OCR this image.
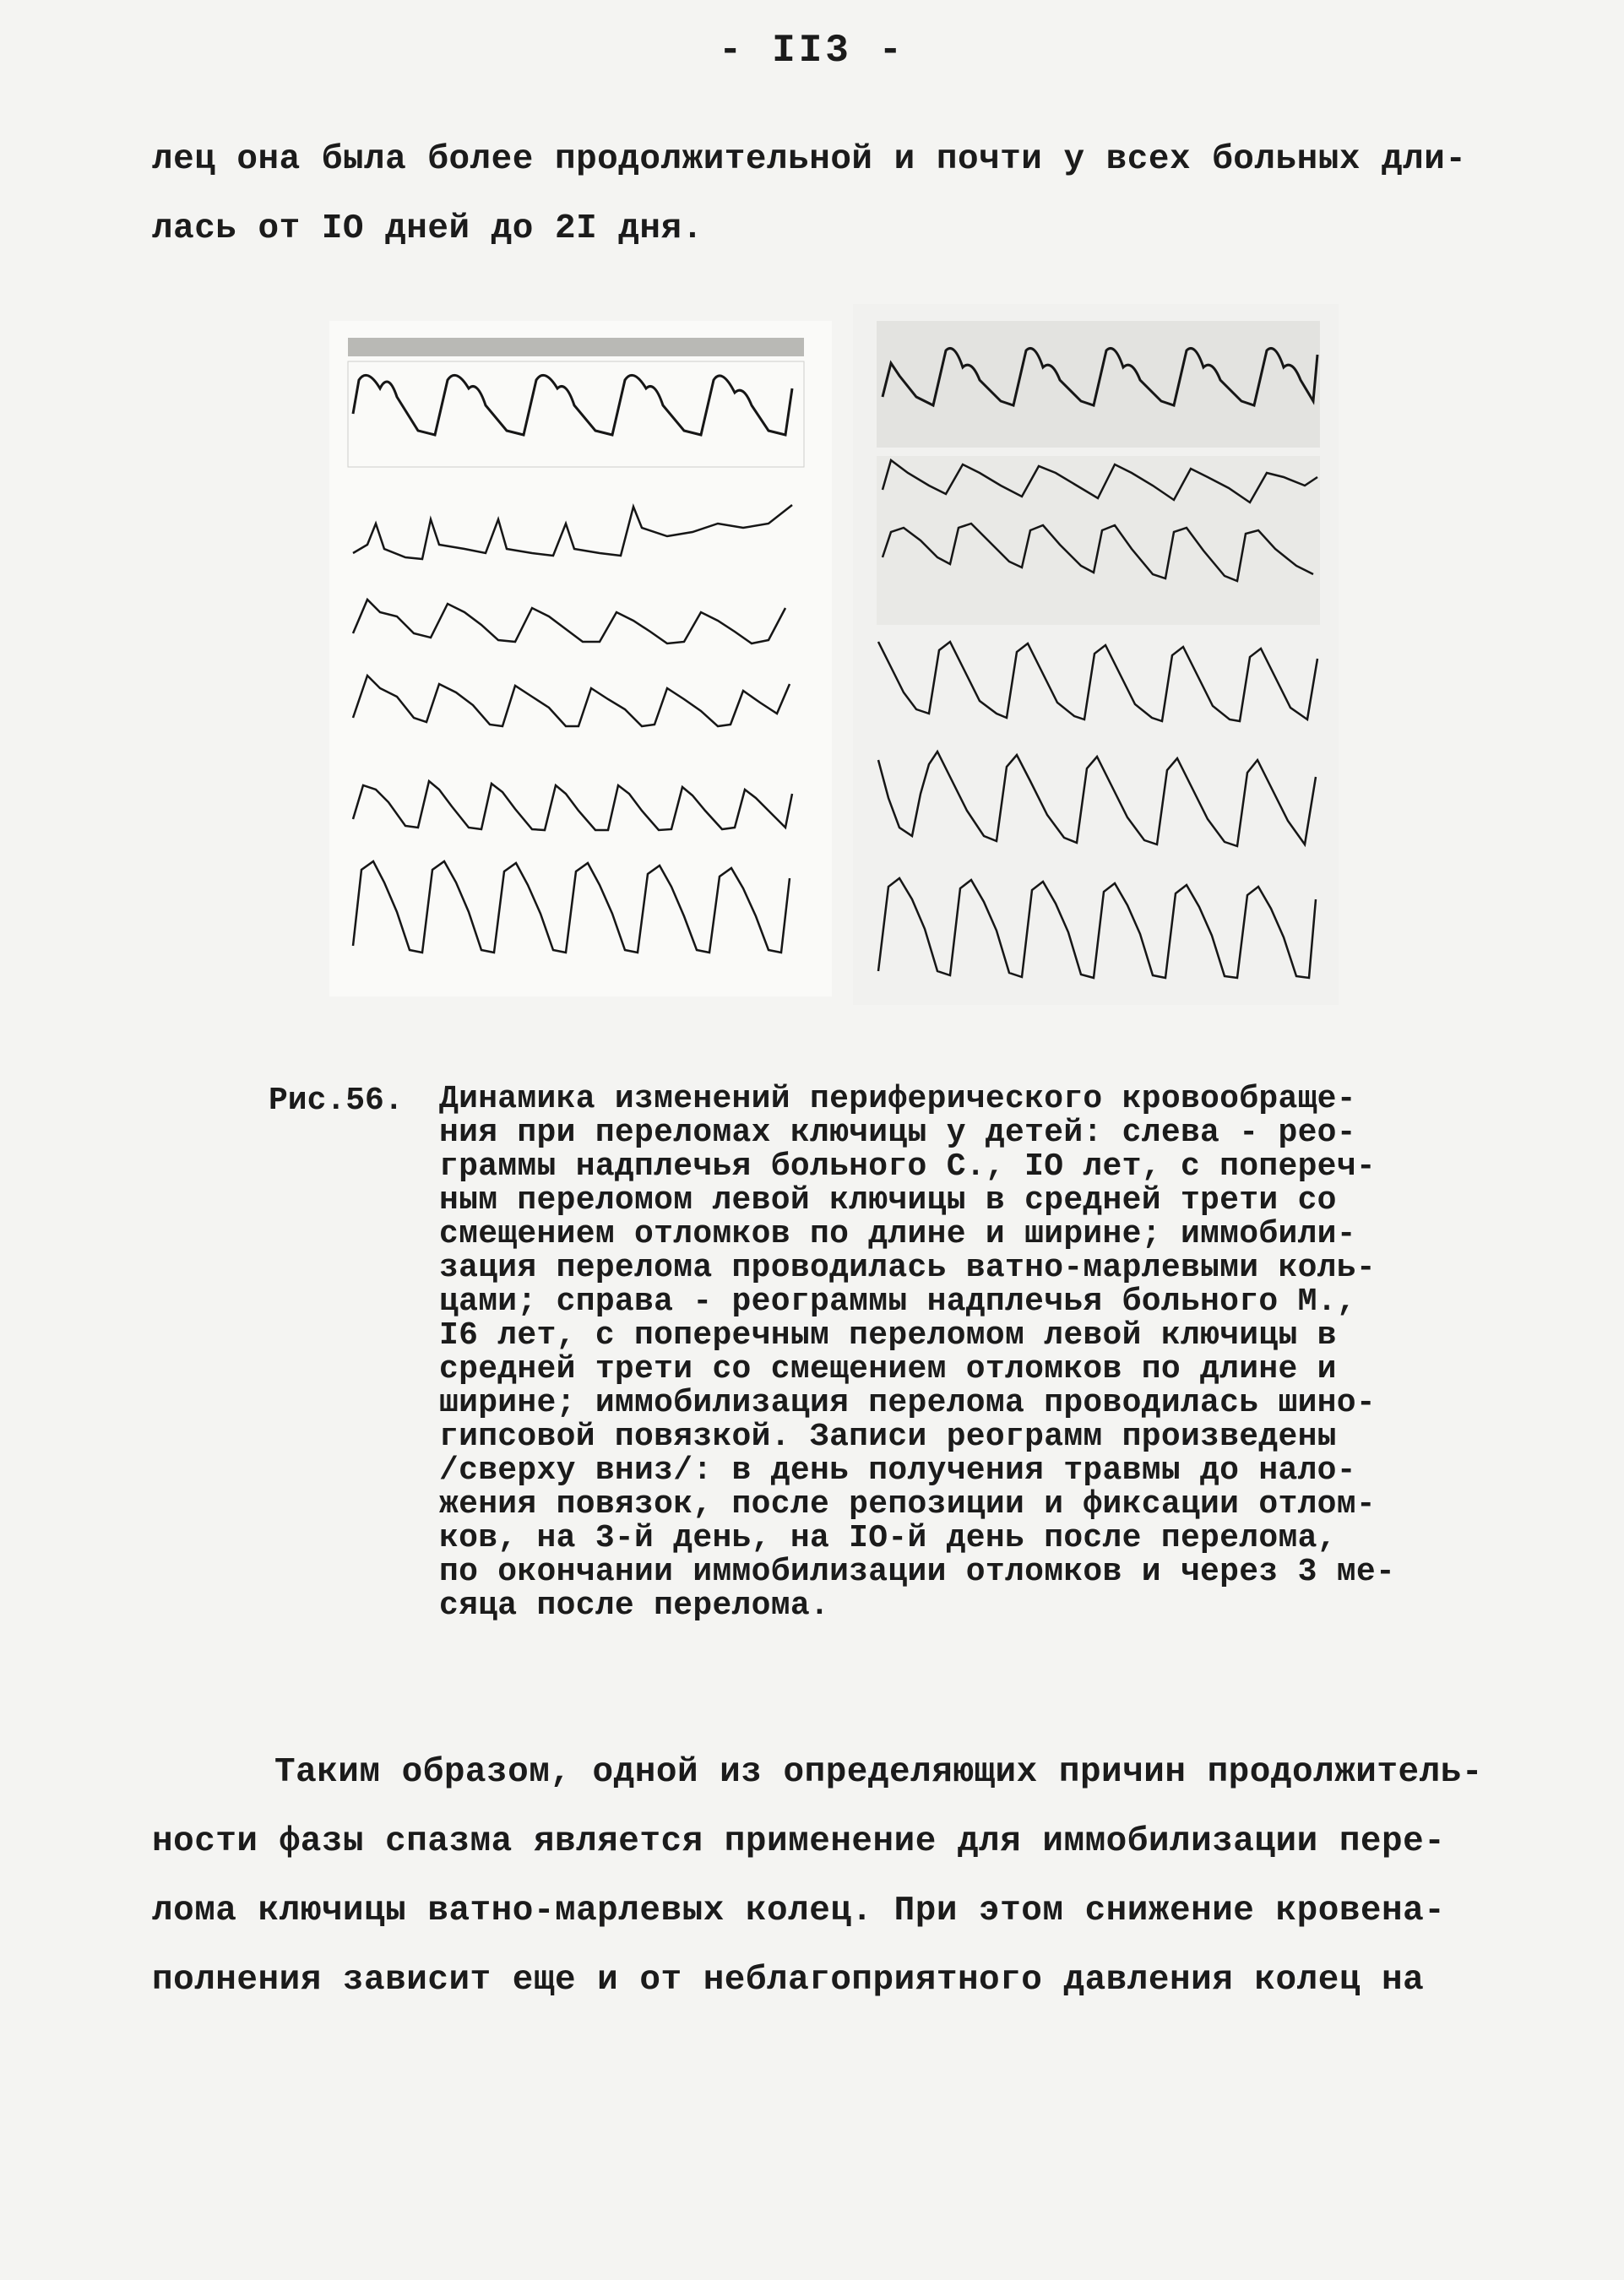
- II3 -
лец она была более продолжительной и почти у всех больных дли-
лась от IO дней до 2I дня.
Рис.56. Динамика изменений периферического кровообраще-
ния при переломах ключицы у детей: слева - рео-
граммы надплечья больного С., IO лет, с попереч-
ным переломом левой ключицы в средней трети со
смещением отломков по длине и ширине; иммобили-
зация перелома проводилась ватно-марлевыми коль-
цами; справа - реограммы надплечья больного М.,
I6 лет, с поперечным переломом левой ключицы в
средней трети со смещением отломков по длине и
ширине; иммобилизация перелома проводилась шино-
гипсовой повязкой. Записи реограмм произведены
/сверху вниз/: в день получения травмы до нало-
жения повязок, после репозиции и фиксации отлом-
ков, на 3-й день, на IO-й день после перелома,
по окончании иммобилизации отломков и через 3 ме-
сяца после перелома.
Таким образом, одной из определяющих причин продолжитель-
ности фазы спазма является применение для иммобилизации пере-
лома ключицы ватно-марлевых колец. При этом снижение кровена-
полнения зависит еще и от неблагоприятного давления колец на
